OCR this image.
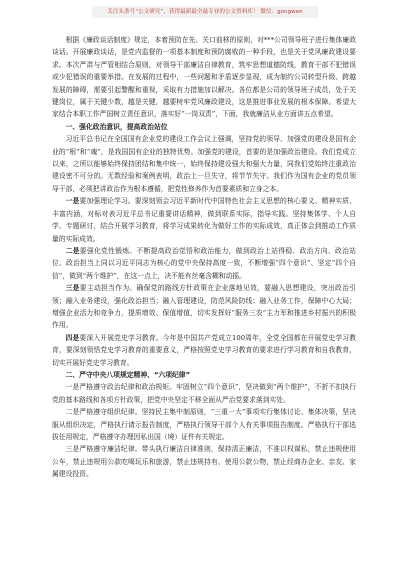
关注头条号“公文研究”，获得最新最全最专业的公文资料库！ 微信：gongwen

根据《廉政谈话制度》规定，本着预防在先、关口前移的原则，对***公司领导班子进行集体廉政谈话。开展廉政谈话，是党内监督的一项基本制度和预防腐败的一种手段，也是关于党风廉政建设要求。本次严肃与严管相结合原则，对领导干部廉洁自律教育，筑牢思想道德防线，教育干部不犯错误或少犯错误的重要举措。在发展的过程中，一些问题和矛盾逐步显现，成为制约公司转型升级、跨越发展的障碍，需要引起警醒和重视，采取有力措施加以解决。各位都是公司的领导班子成员，处于关键岗位，属于关键少数，越是关键，越要树牢党风廉政建设，这是推进事业发展的根本保障。希望大家结合本职工作严国树立责任意识，落实好“一岗双责”，下面，我就廉洁从业方面讲五点希望。

一、强化政治意识，提高政治站位

习近平总书记在全国国有企业党的建设工作会议上强调，坚持党的领导、加强党的建设是国有企业的“根”和“魂”，是我国国有企业的独特优势。加强党的建设，首要的是加强政治建设。我们党成立以来，之所以能够始终保持团结和集中统一，始终保持建设强大和强大力量，同我们党始终注重政治建设密不可分的。无数经验和案例表明，政治上一旦失守，将节节失守。我们作为国有企业的党员领导干部，必须把讲政治作为根本遵循，把党性修养作为首要素质和立身之本。

一是要加强理论学习。要深刻领会习近平新时代中国特色社会主义思想的核心要义、精神实质、丰富内涵，对标对表习近平总书记重要讲话精神，做到联系实际，指导实践。坚持集体学、个人自学、专题研讨，结合开展学习教育，将学习成果转化为做好工作的实际成效，真正体会到推动工作质量的实际成效。

二是要强化党性锻炼。不断提高政治觉悟和政治能力，做到政治上站得稳、政治方向、政治站位、政治担当上同以习近平同志为核心的党中央保持高度一致，不断增强“四个意识”、坚定“四个自信”，做到“两个维护”，在这一点上，决不能有丝毫含糊和动摇。

三是要主动担当作为。确保党的路线方针政策在企业落地见效，要融入思想建设，突出政治引领；融入业务建设，强化政治担当；融入管理建设，防范风险防线；融入业务工作，保障中心大局；增强企业活力和竞争力，提质增效、保值增值，切实发挥好“服务三农”主力军和推进乡村振兴的积极作用。

四是要深入开展党史学习教育。今年是中国共产党成立100周年，全党全国都在开展党史学习教育，要深刻领悟党史学习教育的重要意义，严格按照党史学习教育的要求进行学习教育和自我教育，切实开展好党史学习教育。

二、严守中央八项规定精神、“六项纪律”

一是严格遵守政治纪律和政治规矩。牢固树立“四个意识”，坚决做到“两个维护”，不折不扣执行党的基本路线和各项方针政策，把党中央坚定不移全面从严治党要求落到实处。

二是严格遵守组织纪律。坚持民主集中制原则，“三重一大”事项实行集体讨论、集体决策，坚决服从组织决定，严格执行请示报告制度，严格执行领导干部个人有关事项报告制度。严格执行干部选拔任用规定，严格遵守办理因私出国（境）证件有关规定。

三是严格遵守廉洁纪律。带头执行廉洁自律准则，保持清正廉洁，不准以权谋私，禁止违规使用公车，禁止违规用公款吃喝玩乐和旅游，禁止违规持有、使用公款公物，禁止经商办企业、亲友、家属建设投资。
